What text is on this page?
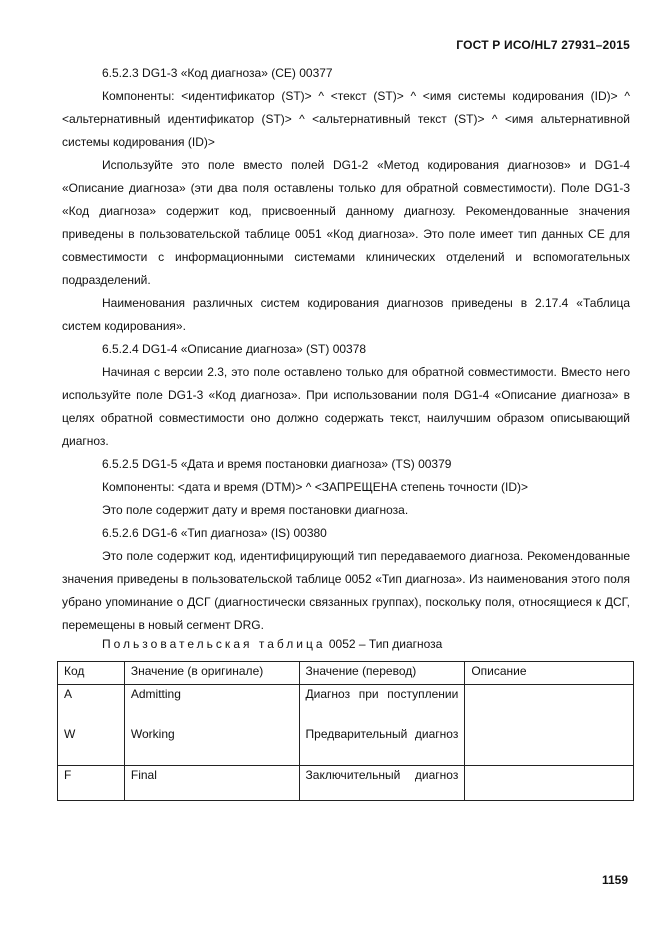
ГОСТ Р ИСО/HL7 27931–2015

6.5.2.3 DG1-3 «Код диагноза» (CE) 00377

Компоненты: <идентификатор (ST)> ^ <текст (ST)> ^ <имя системы кодирования (ID)> ^ <альтернативный идентификатор (ST)> ^ <альтернативный текст (ST)> ^ <имя альтернативной системы кодирования (ID)>

Используйте это поле вместо полей DG1-2 «Метод кодирования диагнозов» и DG1-4 «Описание диагноза» (эти два поля оставлены только для обратной совместимости). Поле DG1-3 «Код диагноза» содержит код, присвоенный данному диагнозу. Рекомендованные значения приведены в пользовательской таблице 0051 «Код диагноза». Это поле имеет тип данных CE для совместимости с информационными системами клинических отделений и вспомогательных подразделений.

Наименования различных систем кодирования диагнозов приведены в 2.17.4 «Таблица систем кодирования».

6.5.2.4 DG1-4 «Описание диагноза» (ST) 00378

Начиная с версии 2.3, это поле оставлено только для обратной совместимости. Вместо него используйте поле DG1-3 «Код диагноза». При использовании поля DG1-4 «Описание диагноза» в целях обратной совместимости оно должно содержать текст, наилучшим образом описывающий диагноз.

6.5.2.5 DG1-5 «Дата и время постановки диагноза» (TS) 00379

Компоненты: <дата и время (DTM)> ^ <ЗАПРЕЩЕНА степень точности (ID)>

Это поле содержит дату и время постановки диагноза.

6.5.2.6 DG1-6 «Тип диагноза» (IS) 00380

Это поле содержит код, идентифицирующий тип передаваемого диагноза. Рекомендованные значения приведены в пользовательской таблице 0052 «Тип диагноза». Из наименования этого поля убрано упоминание о ДСГ (диагностически связанных группах), поскольку поля, относящиеся к ДСГ, перемещены в новый сегмент DRG.

Пользовательская таблица 0052 – Тип диагноза
Код	Значение (в оригинале)	Значение (перевод)	Описание
A	Admitting	Диагноз при поступлении	
W	Working	Предварительный диагноз	
F	Final	Заключительный диагноз	
1159
